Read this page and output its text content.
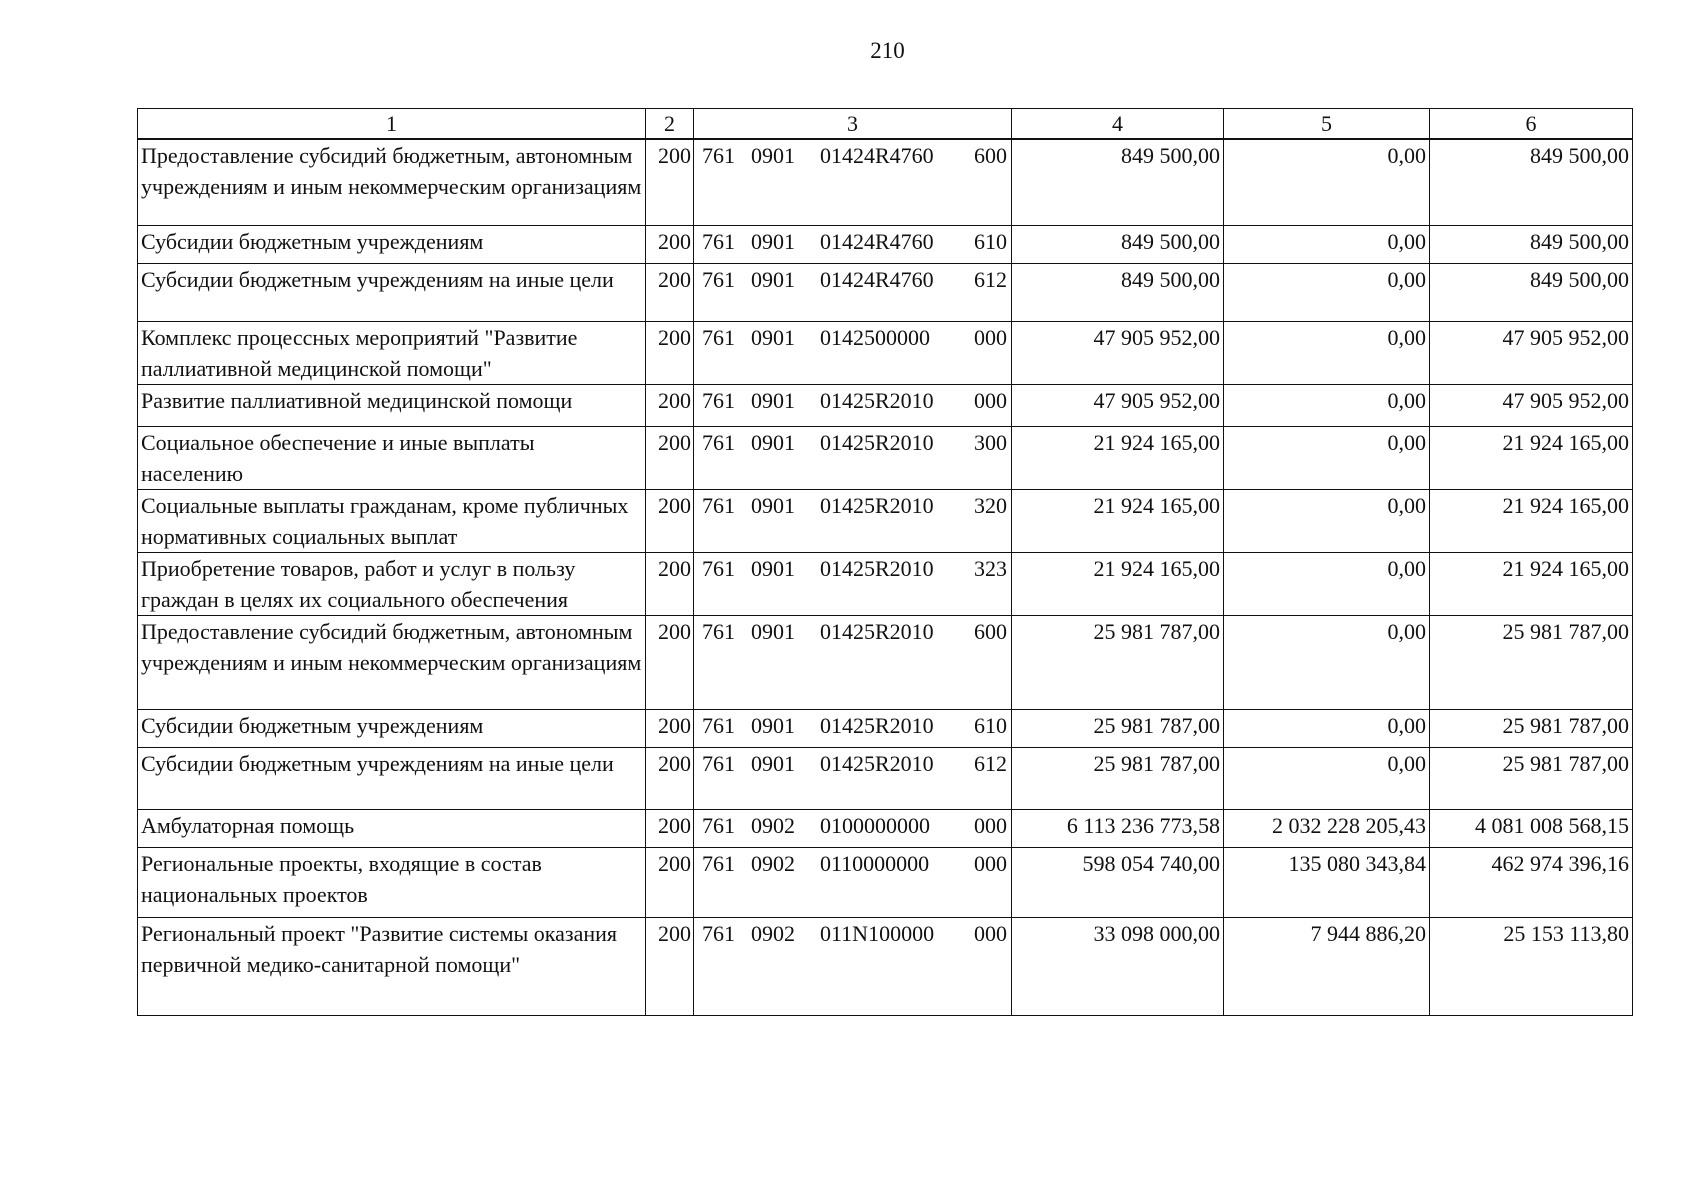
210
1	2	3	4	5	6
Предоставление субсидий бюджетным, автономным учреждениям и иным некоммерческим организациям	200	761 0901 01424R4760 600	849 500,00	0,00	849 500,00
Субсидии бюджетным учреждениям	200	761 0901 01424R4760 610	849 500,00	0,00	849 500,00
Субсидии бюджетным учреждениям на иные цели	200	761 0901 01424R4760 612	849 500,00	0,00	849 500,00
Комплекс процессных мероприятий "Развитие паллиативной медицинской помощи"	200	761 0901 0142500000 000	47 905 952,00	0,00	47 905 952,00
Развитие паллиативной медицинской помощи	200	761 0901 01425R2010 000	47 905 952,00	0,00	47 905 952,00
Социальное обеспечение и иные выплаты населению	200	761 0901 01425R2010 300	21 924 165,00	0,00	21 924 165,00
Социальные выплаты гражданам, кроме публичных нормативных социальных выплат	200	761 0901 01425R2010 320	21 924 165,00	0,00	21 924 165,00
Приобретение товаров, работ и услуг в пользу граждан в целях их социального обеспечения	200	761 0901 01425R2010 323	21 924 165,00	0,00	21 924 165,00
Предоставление субсидий бюджетным, автономным учреждениям и иным некоммерческим организациям	200	761 0901 01425R2010 600	25 981 787,00	0,00	25 981 787,00
Субсидии бюджетным учреждениям	200	761 0901 01425R2010 610	25 981 787,00	0,00	25 981 787,00
Субсидии бюджетным учреждениям на иные цели	200	761 0901 01425R2010 612	25 981 787,00	0,00	25 981 787,00
Амбулаторная помощь	200	761 0902 0100000000 000	6 113 236 773,58	2 032 228 205,43	4 081 008 568,15
Региональные проекты, входящие в состав национальных проектов	200	761 0902 0110000000 000	598 054 740,00	135 080 343,84	462 974 396,16
Региональный проект "Развитие системы оказания первичной медико-санитарной помощи"	200	761 0902 011N100000 000	33 098 000,00	7 944 886,20	25 153 113,80
